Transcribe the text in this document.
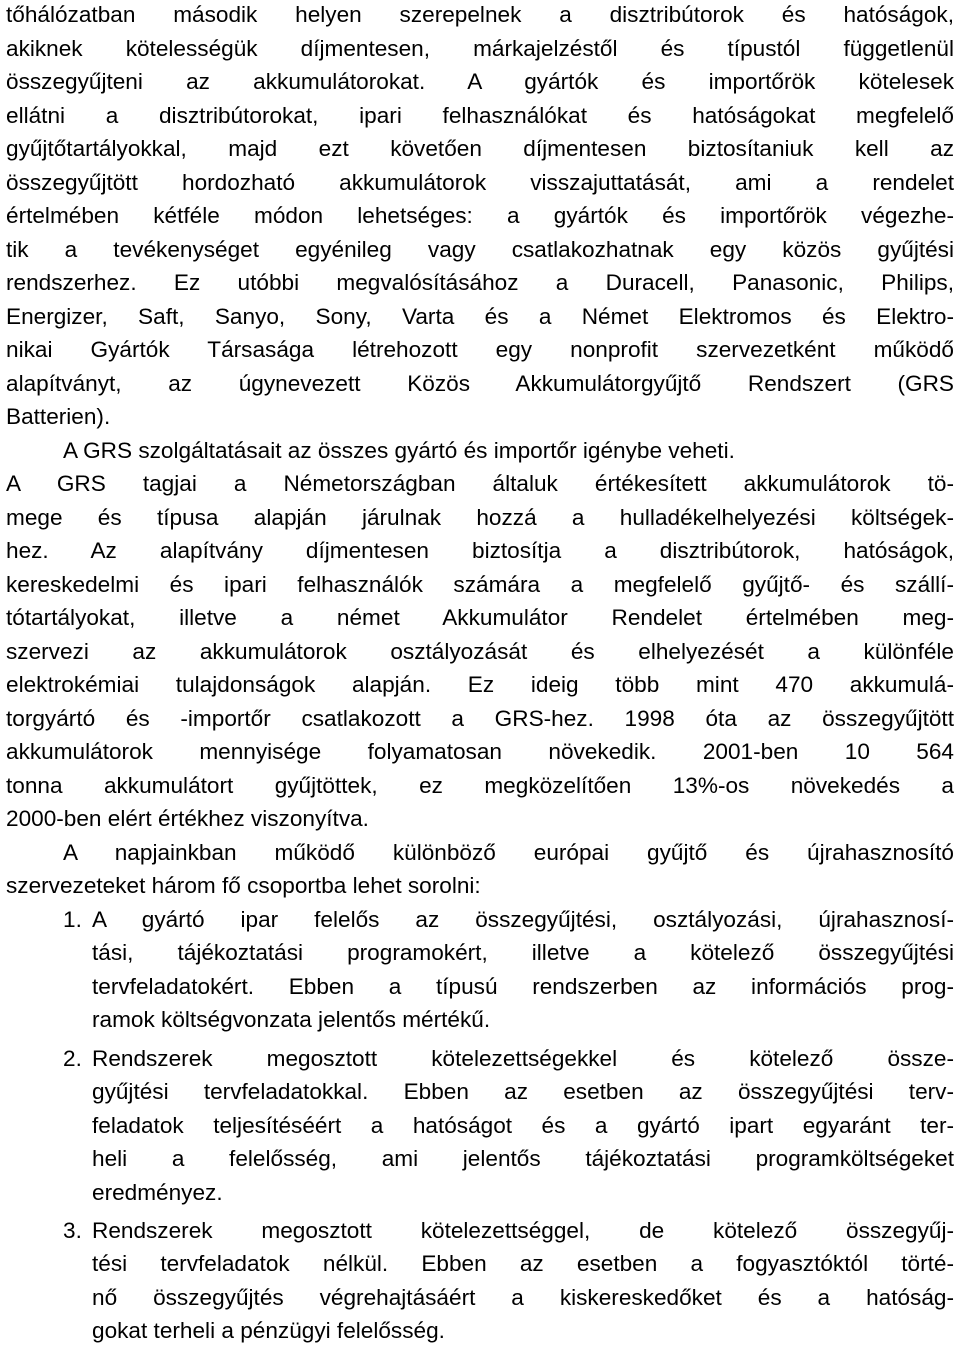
tőhálózatban második helyen szerepelnek a disztribútorok és hatóságok,
akiknek kötelességük díjmentesen, márkajelzéstől és típustól függetlenül
összegyűjteni az akkumulátorokat. A gyártók és importőrök kötelesek
ellátni a disztribútorokat, ipari felhasználókat és hatóságokat megfelelő
gyűjtőtartályokkal, majd ezt követően díjmentesen biztosítaniuk kell az
összegyűjtött hordozható akkumulátorok visszajuttatását, ami a rendelet
értelmében kétféle módon lehetséges: a gyártók és importőrök végezhe-
tik a tevékenységet egyénileg vagy csatlakozhatnak egy közös gyűjtési
rendszerhez. Ez utóbbi megvalósításához a Duracell, Panasonic, Philips,
Energizer, Saft, Sanyo, Sony, Varta és a Német Elektromos és Elektro-
nikai Gyártók Társasága létrehozott egy nonprofit szervezetként működő
alapítványt, az úgynevezett Közös Akkumulátorgyűjtő Rendszert (GRS
Batterien).
A GRS szolgáltatásait az összes gyártó és importőr igénybe veheti.
A GRS tagjai a Németországban általuk értékesített akkumulátorok tö-
mege és típusa alapján járulnak hozzá a hulladékelhelyezési költségek-
hez. Az alapítvány díjmentesen biztosítja a disztribútorok, hatóságok,
kereskedelmi és ipari felhasználók számára a megfelelő gyűjtő- és szállí-
tótartályokat, illetve a német Akkumulátor Rendelet értelmében meg-
szervezi az akkumulátorok osztályozását és elhelyezését a különféle
elektrokémiai tulajdonságok alapján. Ez ideig több mint 470 akkumulá-
torgyártó és -importőr csatlakozott a GRS-hez. 1998 óta az összegyűjtött
akkumulátorok mennyisége folyamatosan növekedik. 2001-ben 10 564
tonna akkumulátort gyűjtöttek, ez megközelítően 13%-os növekedés a
2000-ben elért értékhez viszonyítva.
A napjainkban működő különböző európai gyűjtő és újrahasznosító
szervezeteket három fő csoportba lehet sorolni:
1. A gyártó ipar felelős az összegyűjtési, osztályozási, újrahasznosí-
tási, tájékoztatási programokért, illetve a kötelező összegyűjtési
tervfeladatokért. Ebben a típusú rendszerben az információs prog-
ramok költségvonzata jelentős mértékű.
2. Rendszerek megosztott kötelezettségekkel és kötelező össze-
gyűjtési tervfeladatokkal. Ebben az esetben az összegyűjtési terv-
feladatok teljesítéséért a hatóságot és a gyártó ipart egyaránt ter-
heli a felelősség, ami jelentős tájékoztatási programköltségeket
eredményez.
3. Rendszerek megosztott kötelezettséggel, de kötelező összegyűj-
tési tervfeladatok nélkül. Ebben az esetben a fogyasztóktól törté-
nő összegyűjtés végrehajtásáért a kiskereskedőket és a hatóság-
gokat terheli a pénzügyi felelősség.
